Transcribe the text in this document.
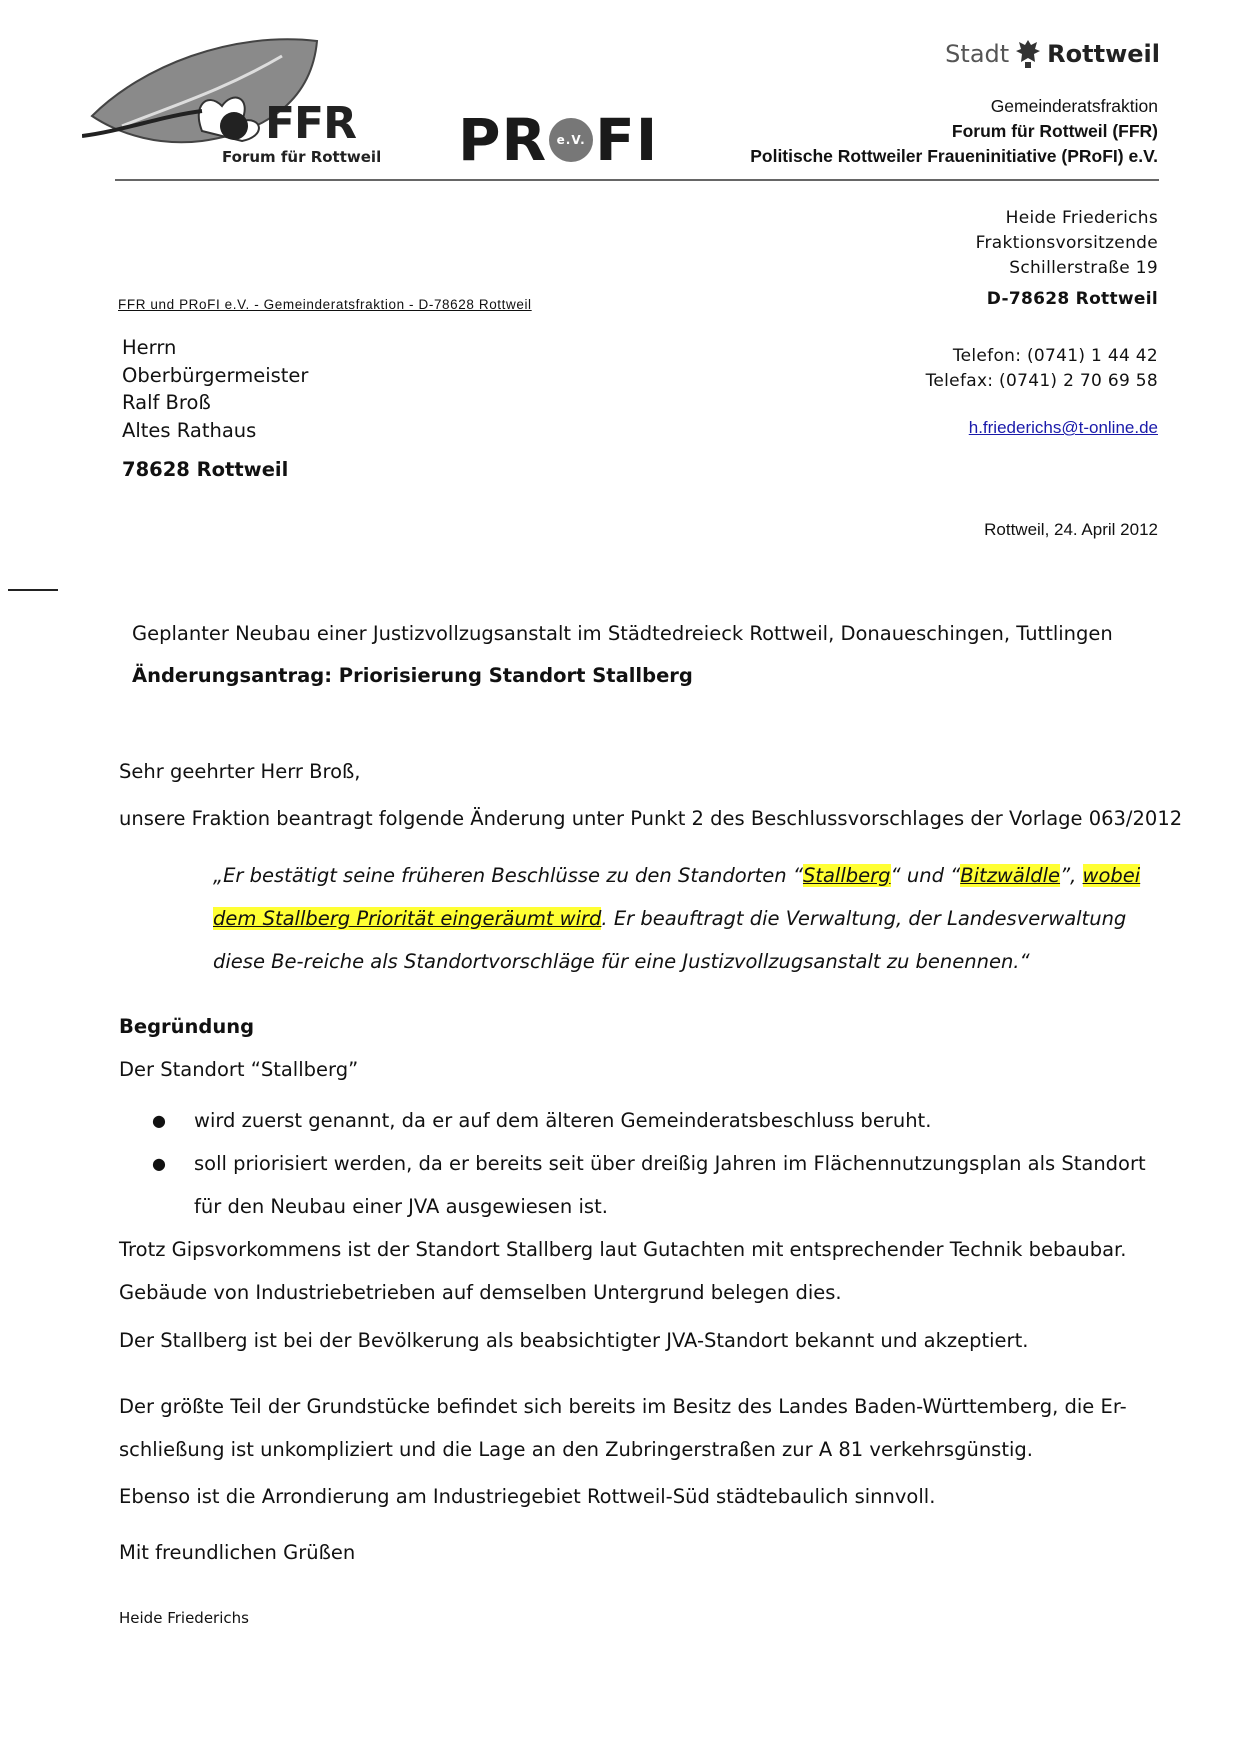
FFR
Forum für Rottweil PR e.V. FI
Stadt Rottweil
Gemeinderatsfraktion
Forum für Rottweil (FFR)
Politische Rottweiler Fraueninitiative (PRoFI) e.V.
Heide Friederichs
Fraktionsvorsitzende
Schillerstraße 19
D-78628 Rottweil
Telefon: (0741) 1 44 42
Telefax: (0741) 2 70 69 58
h.friederichs@t-online.de
FFR und PRoFI e.V. - Gemeinderatsfraktion - D-78628 Rottweil
Herrn
Oberbürgermeister
Ralf Broß
Altes Rathaus
78628 Rottweil
Rottweil, 24. April 2012
Geplanter Neubau einer Justizvollzugsanstalt im Städtedreieck Rottweil, Donaueschingen, Tuttlingen
Änderungsantrag: Priorisierung Standort Stallberg
Sehr geehrter Herr Broß,
unsere Fraktion beantragt folgende Änderung unter Punkt 2 des Beschlussvorschlages der Vorlage 063/2012
„Er bestätigt seine früheren Beschlüsse zu den Standorten “Stallberg“ und “Bitzwäldle”, wobei dem Stallberg Priorität eingeräumt wird. Er beauftragt die Verwaltung, der Landesverwaltung diese Be-reiche als Standortvorschläge für eine Justizvollzugsanstalt zu benennen.“
Begründung
Der Standort “Stallberg”
●	wird zuerst genannt, da er auf dem älteren Gemeinderatsbeschluss beruht.
●	soll priorisiert werden, da er bereits seit über dreißig Jahren im Flächennutzungsplan als Standort für den Neubau einer JVA ausgewiesen ist.
Trotz Gipsvorkommens ist der Standort Stallberg laut Gutachten mit entsprechender Technik bebaubar. Gebäude von Industriebetrieben auf demselben Untergrund belegen dies.
Der Stallberg ist bei der Bevölkerung als beabsichtigter JVA-Standort bekannt und akzeptiert.
Der größte Teil der Grundstücke befindet sich bereits im Besitz des Landes Baden-Württemberg, die Er-schließung ist unkompliziert und die Lage an den Zubringerstraßen zur A 81 verkehrsgünstig.
Ebenso ist die Arrondierung am Industriegebiet Rottweil-Süd städtebaulich sinnvoll.
Mit freundlichen Grüßen
Heide Friederichs
